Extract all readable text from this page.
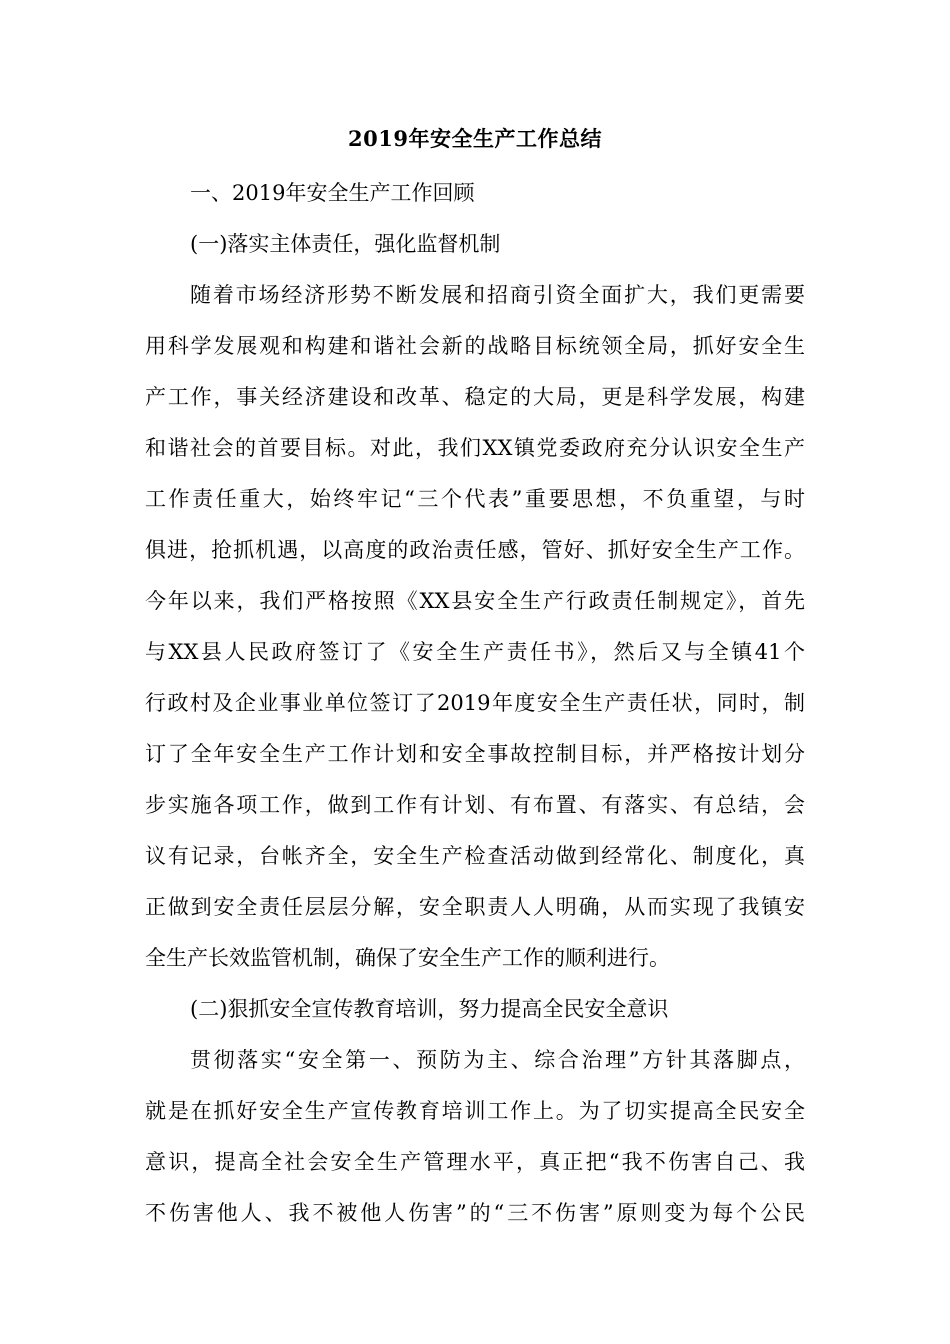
2019年安全生产工作总结
一、2019年安全生产工作回顾
(一)落实主体责任，强化监督机制
随着市场经济形势不断发展和招商引资全面扩大，我们更需要
用科学发展观和构建和谐社会新的战略目标统领全局，抓好安全生
产工作，事关经济建设和改革、稳定的大局，更是科学发展，构建
和谐社会的首要目标。对此，我们XX镇党委政府充分认识安全生产
工作责任重大，始终牢记“三个代表”重要思想，不负重望，与时
俱进，抢抓机遇，以高度的政治责任感，管好、抓好安全生产工作。
今年以来，我们严格按照《XX县安全生产行政责任制规定》，首先
与XX县人民政府签订了《安全生产责任书》，然后又与全镇41个
行政村及企业事业单位签订了2019年度安全生产责任状，同时，制
订了全年安全生产工作计划和安全事故控制目标，并严格按计划分
步实施各项工作，做到工作有计划、有布置、有落实、有总结，会
议有记录，台帐齐全，安全生产检查活动做到经常化、制度化，真
正做到安全责任层层分解，安全职责人人明确，从而实现了我镇安
全生产长效监管机制，确保了安全生产工作的顺利进行。
(二)狠抓安全宣传教育培训，努力提高全民安全意识
贯彻落实“安全第一、预防为主、综合治理”方针其落脚点，
就是在抓好安全生产宣传教育培训工作上。为了切实提高全民安全
意识，提高全社会安全生产管理水平，真正把“我不伤害自己、我
不伤害他人、我不被他人伤害”的“三不伤害”原则变为每个公民
